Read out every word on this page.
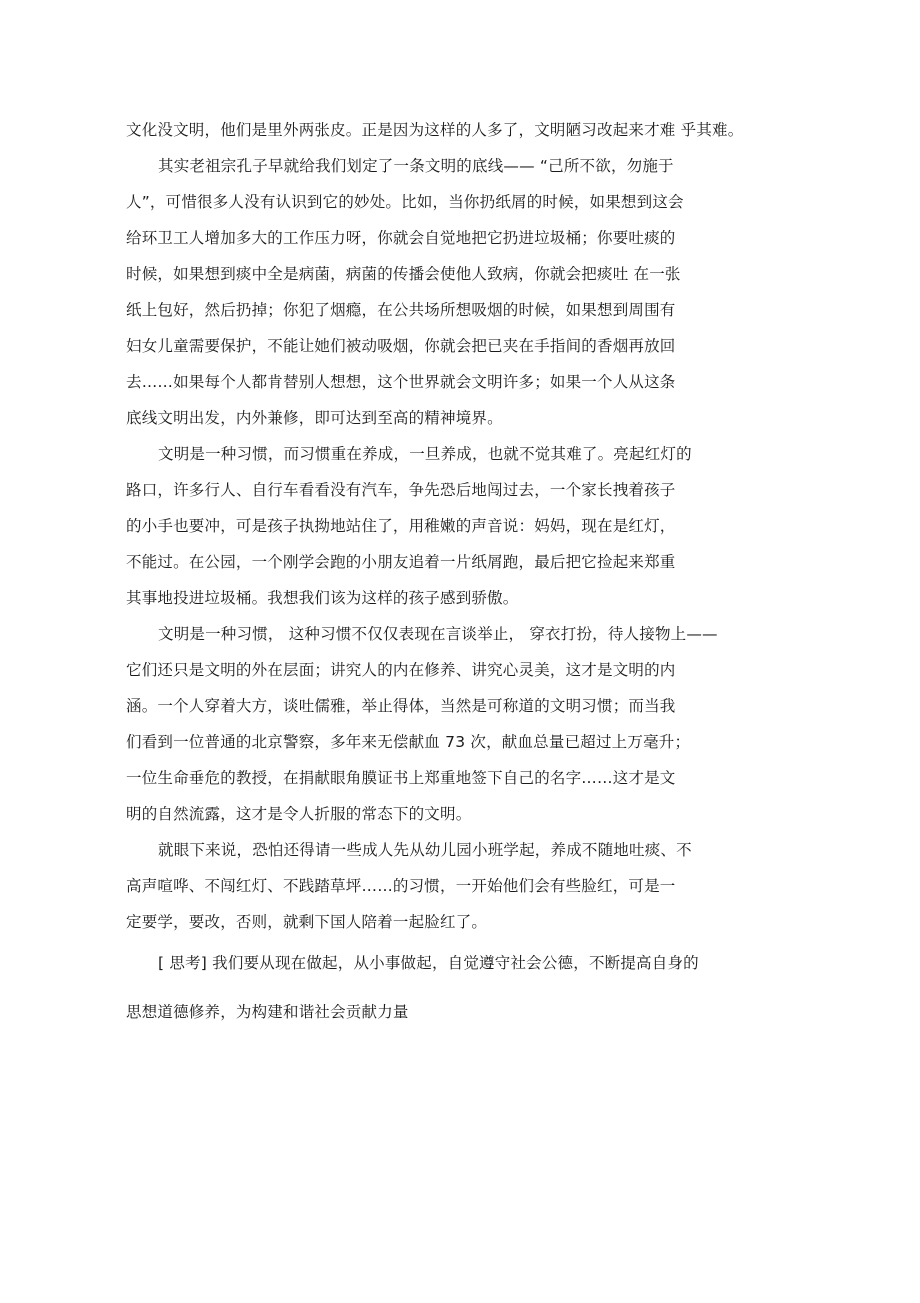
文化没文明，他们是里外两张皮。正是因为这样的人多了，文明陋习改起来才难 乎其难。
其实老祖宗孔子早就给我们划定了一条文明的底线—— “己所不欲，勿施于
人”，可惜很多人没有认识到它的妙处。比如，当你扔纸屑的时候，如果想到这会
给环卫工人增加多大的工作压力呀，你就会自觉地把它扔进垃圾桶；你要吐痰的
时候，如果想到痰中全是病菌，病菌的传播会使他人致病，你就会把痰吐 在一张
纸上包好，然后扔掉；你犯了烟瘾，在公共场所想吸烟的时候，如果想到周围有
妇女儿童需要保护，不能让她们被动吸烟，你就会把已夹在手指间的香烟再放回
去……如果每个人都肯替别人想想，这个世界就会文明许多；如果一个人从这条
底线文明出发，内外兼修，即可达到至高的精神境界。
文明是一种习惯，而习惯重在养成，一旦养成，也就不觉其难了。亮起红灯的
路口，许多行人、自行车看看没有汽车，争先恐后地闯过去，一个家长拽着孩子
的小手也要冲，可是孩子执拗地站住了，用稚嫩的声音说：妈妈，现在是红灯，
不能过。在公园，一个刚学会跑的小朋友追着一片纸屑跑，最后把它捡起来郑重
其事地投进垃圾桶。我想我们该为这样的孩子感到骄傲。
文明是一种习惯， 这种习惯不仅仅表现在言谈举止， 穿衣打扮，待人接物上——
它们还只是文明的外在层面；讲究人的内在修养、讲究心灵美，这才是文明的内
涵。一个人穿着大方，谈吐儒雅，举止得体，当然是可称道的文明习惯；而当我
们看到一位普通的北京警察，多年来无偿献血 73 次，献血总量已超过上万毫升；
一位生命垂危的教授，在捐献眼角膜证书上郑重地签下自己的名字……这才是文
明的自然流露，这才是令人折服的常态下的文明。
就眼下来说，恐怕还得请一些成人先从幼儿园小班学起，养成不随地吐痰、不
高声喧哗、不闯红灯、不践踏草坪……的习惯，一开始他们会有些脸红，可是一
定要学，要改，否则，就剩下国人陪着一起脸红了。
[ 思考] 我们要从现在做起，从小事做起，自觉遵守社会公德，不断提高自身的
思想道德修养，为构建和谐社会贡献力量
